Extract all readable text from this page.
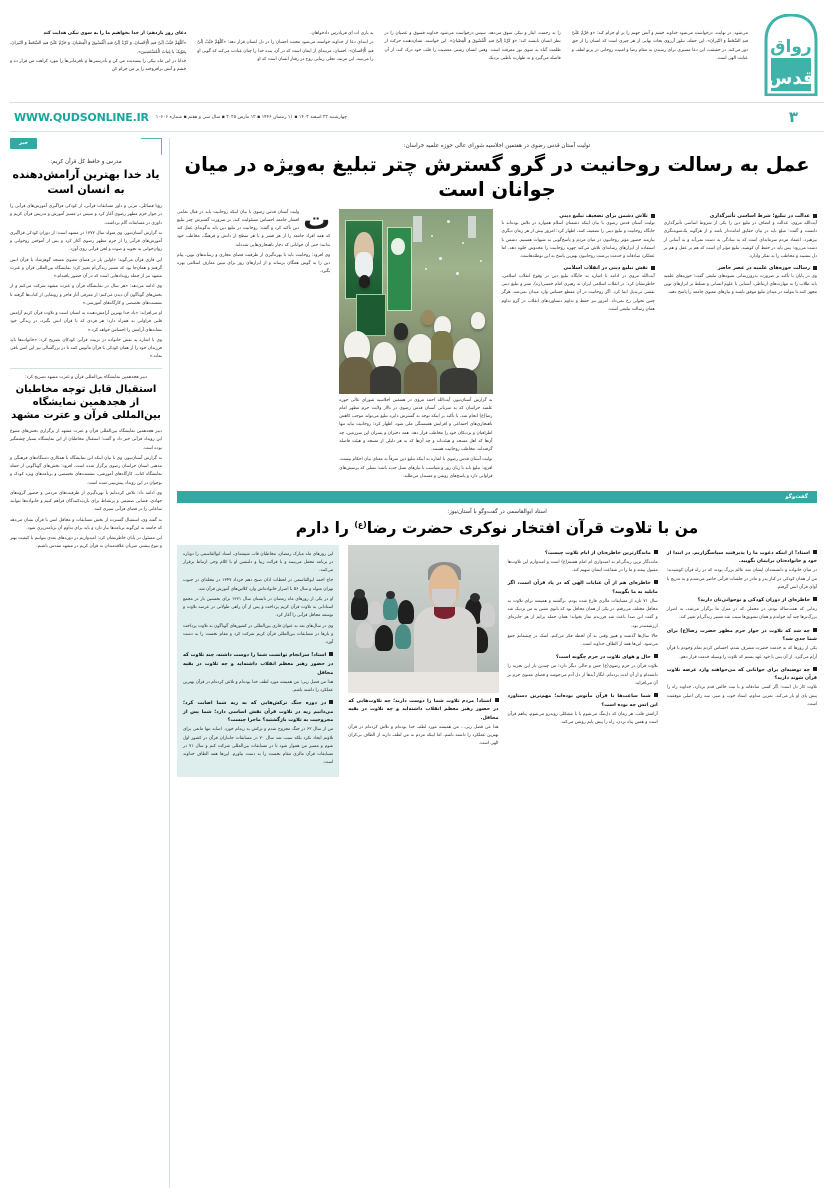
رواق
قدس

می‌شود. در نهایت، درخواست می‌شود خداوند خشم و آتش جهنم را بر او حرام کند: «وَ حَرِّمْ عَلَیَّ فیهِ السَّخَطَ وَ النّیرانَ». این جمله، تبلور آرزوی نجات نهایی از هر چیزی است که انسان را از حق دور می‌کند. در حقیقت، این دعا مسیری برای رسیدن به مقام رضا و امنیت روحانی در پرتو لطف و عنایت الهی است.

را به رحمت، ایثار و نیکی سوق می‌دهد. سپس درخواست می‌شود خداوند فسوق و عصیان را در نظر انسان نایسند کند: «وَ کَرِّهْ اِلَیَّ فیهِ الْفُسُوقَ وَ الْعِصْیانَ». این خواسته، نشان‌دهنده حرکت از ظلمت گناه به سوی نور معرفت است. وقتی انسان زشتی معصیت را قلب خود درک کند، از آن فاصله می‌گیرد و به طهارت باطنی نزدیک

به یاری ات ای فریادرس دادخواهان.

در ابتدای دعا از خداوند خواسته می‌شود محبت احسان را در دل انسان قرار دهد: «اَللّهُمَّ حَبِّبْ اِلَیَّ فیهِ الْاِحْسانَ». احسان، مرتبه‌ای از ایمان است که در آن، بنده خدا را چنان عبادت می‌کند که گویی او را می‌بیند. این مرتبه، تجلی زیبایی روح در رفتار انسان است که او

دعای روز یازدهم: از خدا بخواهیم ما را به سوی نیکی هدایت کند

«اَللّهُمَّ حَبِّبْ اِلَیَّ فیهِ الْاِحْسانَ، وَ کَرِّهْ اِلَیَّ فیهِ الْفُسُوقَ وَ الْعِصْیانَ، وَ حَرِّمْ عَلَیَّ فیهِ السَّخَطَ وَ النّیرانَ، بِعَوْنِکَ یا غِیاثَ الْمُسْتَغیثینَ».

خدایا در این ماه نیکی را پسندیده من کن و نادرستی‌ها و نافرمانی‌ها را مورد کراهت من قرار ده و خشم و آتش برافروخته را بر من حرام کن

۳
چهارشنبه ۲۲ اسفند ۱۴۰۳ ▪ ۱۱ رمضان ۱۴۴۶ ▪ ۱۲ مارس ۲۰۲۵ ▪ سال سی و هفتم ▪ شماره ۱۰۶۰۶
WWW.QUDSONLINE.IR
تولیت آستان قدس رضوی در هفتمین اجلاسیه شورای عالی حوزه علمیه خراسان:
عمل به رسالت روحانیت در گرو گسترش چتر تبلیغ به‌ویژه در میان جوانان است
عدالت در تبلیغ؛ شرط اساسی تأثیرگذاری

آیت‌الله مروی، عدالت و انصاف در تبلیغ دین را یکی از شروط اساسی تأثیرگذاری دانست و گفت: مبلغ باید در بیان حقایق امانت‌دار باشد و از هرگونه یک‌سویه‌نگری بپرهیزد. اعتماد مردم سرمایه‌ای است که به سادگی به دست نمی‌آید و به آسانی از دست می‌رود؛ پس باید در حفظ آن کوشید. تبلیغ مؤثر آن است که هم بر عقل و هم بر دل بنشیند و مخاطب را به تفکر وادارد.

رسالت حوزه‌های علمیه در عصر حاضر

وی در پایان با تأکید بر ضرورت به‌روزرسانی شیوه‌های تبلیغی گفت: حوزه‌های علمیه باید طلاب را به مهارت‌های ارتباطی، آشنایی با علوم انسانی و تسلط بر ابزارهای نوین مجهز کنند تا بتوانند در میدان تبلیغ موفق باشند و نیازهای معنوی جامعه را پاسخ دهند.

تلاش دشمن برای تضعیف تبلیغ دینی

تولیت آستان قدس رضوی با بیان اینکه دشمنان اسلام همواره در تلاش بوده‌اند تا جایگاه روحانیت و تبلیغ دینی را تضعیف کنند، اظهار کرد: امروز بیش از هر زمان دیگری نیازمند حضور مؤثر روحانیون در میان مردم و پاسخ‌گویی به شبهات هستیم. دشمن با استفاده از ابزارهای رسانه‌ای تلاش می‌کند چهره روحانیت را مخدوش جلوه دهد، اما عملکرد صادقانه و خدمت بی‌منت روحانیون بهترین پاسخ به این توطئه‌هاست.

نقش تبلیغ دینی در انقلاب اسلامی

آیت‌الله مروی در ادامه با اشاره به جایگاه تبلیغ دین در وقوع انقلاب اسلامی، خاطرنشان کرد: در انقلاب اسلامی ایران به رهبری امام خمینی(ره)، منبر و تبلیغ دینی نقشی بی‌بدیل ایفا کرد. اگر روحانیت در آن مقطع حساس وارد میدان نمی‌شد، هرگز چنین تحولی رخ نمی‌داد. امروز نیز حفظ و تداوم دستاوردهای انقلاب در گرو تداوم همان رسالت تبلیغی است.

به گزارش آستان‌نیوز، آیت‌الله احمد مروی در هفتمین اجلاسیه شورای عالی حوزه علمیه خراسان که به میزبانی آستان قدس رضوی در تالار ولایت حرم مطهر امام رضا(ع) انجام شد، با تأکید بر اینکه توجه به گسترش دایره تبلیغ می‌تواند موجب کاهش ناهنجاری‌های اجتماعی و افزایش همبستگی ملی شود، اظهار کرد: روحانیت نباید تنها اطرافیان و نزدیکان خود را مخاطب قرار دهد. همه دختران و پسران این سرزمین، چه آن‌ها که اهل مسجد و هیئت‌اند و چه آن‌ها که به هر دلیلی از مسجد و هیئت فاصله گرفته‌اند، مخاطب روحانیت هستند.

تولیت آستان قدس رضوی با اشاره به اینکه تبلیغ دین صرفاً به معنای بیان احکام نیست، افزود: تبلیغ باید با زبان روز و متناسب با نیازهای نسل جدید باشد؛ نسلی که پرسش‌های فراوانی دارد و پاسخ‌های روشن و مستدل می‌طلبد.

ت
ولیت آستان قدس رضوی با بیان اینکه روحانیت باید در قبال تمامی اقشار جامعه احساس مسئولیت کند، بر ضرورت گسترش چتر تبلیغ دین تأکید کرد و گفت: روحانیت در تبلیغ دین باید به‌گونه‌ای عمل کند که همه افراد جامعه را از هر قشر و با هر سطح از دانش و فرهنگ، مخاطب خود بدانند؛ حتی آن جوانانی که دچار ناهنجاری‌هایی شده‌اند.

وی افزود: روحانیت باید با بهره‌گیری از ظرفیت فضای مجازی و رسانه‌های نوین، پیام دین را به گوش همگان برساند و از ابزارهای روز برای تبیین معارف اسلامی بهره بگیرد.

گفت‌وگو
استاد ابوالقاسمی در گفت‌وگو با آستان‌نیوز:
من با تلاوت قرآن افتخار نوکری حضرت رضا$^{(ع)}$ را دارم
استاد! از اینکه دعوت ما را پذیرفتید سپاسگزاریم. در ابتدا از خود و خانواده‌تان برایمان بگویید.

در میان خانواده و دانشمندان ایشان سه عالم بزرگ بودند که در راه قرآن کوشیدند؛ من از همان کودکی در کنار پدر و مادر در جلسات قرآنی حاضر می‌شدم و به تدریج با آوای قرآن انس گرفتم.

خاطره‌ای از دوران کودکی و نوجوانی‌تان دارید؟

زمانی که هفت‌ساله بودم، در محفلی که در منزل ما برگزار می‌شد، به اصرار بزرگ‌ترها چند آیه خواندم و همان تشویق‌ها سبب شد مسیر زندگی‌ام تغییر کند.

چه شد که تلاوت در جوار حرم مطهر حضرت رضا(ع) برای شما جدی شد؟

یکی از روزها که به خدمت حضرت مشرف شدم، احساس کردم تمام وجودم با قرآن آرام می‌گیرد. از آن پس با خود عهد بستم که تلاوت را وسیله خدمت قرار دهم.

چه توصیه‌ای برای جوانانی که می‌خواهند وارد عرصه تلاوت قرآن شوند دارید؟

تلاوت کار دل است؛ اگر کسی صادقانه و با نیت خالص قدم بردارد، خداوند راه را پیش پای او باز می‌کند. تمرین مداوم، استاد خوب و صبر، سه رکن اصلی موفقیت است.

ماندگارترین خاطره‌تان از ایام تلاوت چیست؟

مانده‌گار ترین زندگی‌ام به امیدواری ام امام هشتم(ع) است و امیدوارم این تلاوت‌ها مقبول بیفتد و ما را در شفاعت ایشان سهیم کند.

خاطره‌ای هم از آن عنایات الهی که در یاد قرآن است، اگر مایلید به ما بگویید؟

سال ۷۱ تازه از مسابقات مالزی فارغ شده بودم. برگشته و همیشه برای تلاوت به محافل مختلف می‌رفتم. در یکی از همان محافل بود که بانوی مسن به من نزدیک شد و گفت این صدا باعث شد فرزندم نماز بخواند؛ همان جمله برایم از هر جایزه‌ای ارزشمندتر بود.

حالا سال‌ها گذشته و هنوز وقتی به آن لحظه فکر می‌کنم، اشک در چشمانم جمع می‌شود. این‌ها همه از الطاف خداوند است.

حال و هوای تلاوت در حرم چگونه است؟

تلاوت قرآن در حرم رضوی(ع) حس و حالی دیگر دارد؛ من چندین بار این تجربه را داشته‌ام و از آن لذت برده‌ام. انگار آیه‌ها از دل آدم می‌جوشد و فضای معنوی حرم بر آن می‌افزاید.

شما ساعت‌ها با قرآن مأنوس بوده‌اید؛ مهم‌ترین دستاورد این انس چه بوده است؟

آرامش قلب. هر زمان که دل‌تنگ می‌شوم یا با مشکلی روبه‌رو می‌شوم، پناهم قرآن است و همین پناه بردن، راه را پیش پایم روشن می‌کند.

استاد! مردم تلاوت شما را دوست دارند؛ چه تلاوت‌هایی که در حضور رهبر معظم انقلاب داشته‌اید و چه تلاوت در بقیه محافل.

هذا من فضل ربی... من همیشه مورد لطف خدا بوده‌ام و تلاش کرده‌ام در قرآن بهترین عملکرد را داشته باشم، اما اینکه مردم به من لطف دارند از الطاف بی‌کران الهی است.

این روزهای ماه مبارک رمضان، مخاطبان قاب شیشه‌ای، استاد ابوالقاسمی را دوباره در برنامه محفل می‌بینند و با قرائت زیبا و دلنشین او با کلام وحی ارتباط برقرار می‌کنند.

حاج احمد ابوالقاسمی در لحظات اذان صبح دهم خرداد ۱۳۴۷ در محله‌ای در جنوب تهران متولد و سال ۵۶ با اصرار خانواده‌اش وارد کلاس‌های آموزش قرآن شد.

او در یکی از روزهای ماه رمضان در تابستان سال ۱۳۶۱ برای نخستین بار در مجمع استادانی به تلاوت قرآن کریم پرداخت و پس از آن راهی طولانی در عرصه تلاوت و توسعه محافل قرآنی را آغاز کرد.

وی در سال‌های بعد به عنوان قاری بین‌المللی در کشورهای گوناگون به تلاوت پرداخت و بارها در مسابقات بین‌المللی قرآن کریم شرکت کرد و مقام نخست را به دست آورد.

استاد! سرانجام توانست شما را دوست داشته، چند تلاوت که در حضور رهبر معظم انقلاب داشته‌اید و چه تلاوت در بقیه محافل

هذا من فضل ربی؛ من همیشه مورد لطف خدا بوده‌ام و تلاش کرده‌ام در قرآن بهترین عملکرد را داشته باشم.

در دوره جنگ ترکش‌هایی که به ریه شما اصابت کرد؛ می‌دانیم ریه در تلاوت قرآن نقش اساسی دارد؛ شما پس از مجروحیت به تلاوت بازگشتید؟ ماجرا چیست؟

من از سال ۶۲ در جنگ مجروح شدم و ترکش به ریه‌ام خورد. اصابه تنها مانعی برای تلاوتم ایجاد نکرد بلکه سبب شد سال ۷۰ در مسابقات جانبازان قرآن در کشور اول شوم و مسیر من هموار شود تا در مسابقات بین‌المللی شرکت کنم و سال ۷۱ در مسابقات قرآن مالزی مقام نخست را به دست بیاورم. این‌ها همه الطاف خداوند است.

خبر
مدرس و حافظ کل قرآن کریم:
یاد خدا بهترین آرامش‌دهنده به انسان است

رؤیا فضائلی، مربی و داور مسابقات قرآنی، از کودکی فراگیری آموزش‌های قرآنی را در جوار حرم مطهر رضوی آغاز کرد و سپس در مسیر آموزش و تدریس قرآن کریم و داوری در مسابقات گام برداشت.

به گزارش آستان‌نیوز، وی متولد سال ۱۳۷۷ در مشهد است؛ از دوران کودکی فراگیری آموزش‌های قرآنی را از حرم مطهر رضوی آغاز کرد و پس از آموختن روخوانی و روان‌خوانی به تجوید و صوت و لحن قرآنی روی آورد.

این قاری قرآن می‌گوید: «اولین بار در فضای معنوی مسجد گوهرشاد با قرآن انس گرفتم و همان‌جا بود که مسیر زندگی‌ام تغییر کرد؛ نمایشگاه بین‌المللی قرآن و عترت مشهد نیز از جمله رویدادهایی است که در آن حضور یافته‌ام.»

وی ادامه می‌دهد: «هر سال در نمایشگاه قرآن و عترت مشهد شرکت می‌کنم و از بخش‌های گوناگون آن دیدن می‌کنم؛ از معرفی آثار فاخر و رونمایی از کتاب‌ها گرفته تا نشست‌های تخصصی و کارگاه‌های آموزشی.»

او می‌افزاید: «یاد خدا بهترین آرامش‌دهنده به انسان است و تلاوت قرآن کریم آرامش قلبی فراوانی به همراه دارد؛ هر فردی که با قرآن انس بگیرد، در زندگی خود نشانه‌های آرامش را احساس خواهد کرد.»

وی با اشاره به نقش خانواده در تربیت قرآنی کودکان تصریح کرد: «خانواده‌ها باید فرزندان خود را از همان کودکی با قرآن مأنوس کنند تا در بزرگسالی نیز این انس باقی بماند.»

دبیر هجدهمین نمایشگاه بین‌المللی قرآن و عترت مشهد تصریح کرد:
استقبال قابل توجه مخاطبان از هجدهمین نمایشگاه بین‌المللی قرآن و عترت مشهد

دبیر هجدهمین نمایشگاه بین‌المللی قرآن و عترت مشهد از برگزاری بخش‌های متنوع این رویداد قرآنی خبر داد و گفت: استقبال مخاطبان از این نمایشگاه بسیار چشمگیر بوده است.

به گزارش آستان‌نیوز، وی با بیان اینکه این نمایشگاه با همکاری دستگاه‌های فرهنگی و مذهبی استان خراسان رضوی برگزار شده است، افزود: بخش‌های گوناگونی از جمله نمایشگاه کتاب، کارگاه‌های آموزشی، نشست‌های تخصصی و برنامه‌های ویژه کودک و نوجوان در این رویداد پیش‌بینی شده است.

وی ادامه داد: تلاش کرده‌ایم با بهره‌گیری از ظرفیت‌های مردمی و حضور گروه‌های جهادی، فضایی صمیمی و پرنشاط برای بازدیدکنندگان فراهم کنیم و خانواده‌ها بتوانند ساعاتی را در فضای قرآنی سپری کنند.

به گفته وی، استقبال گسترده از بخش مسابقات و محافل انس با قرآن نشان می‌دهد که جامعه به این‌گونه برنامه‌ها نیاز دارد و باید برای تداوم آن برنامه‌ریزی شود.

این مسئول در پایان خاطرنشان کرد: امیدواریم در دوره‌های بعدی بتوانیم با کیفیت بهتر و تنوع بیشتر، میزبان علاقه‌مندان به قرآن کریم در مشهد مقدس باشیم.
